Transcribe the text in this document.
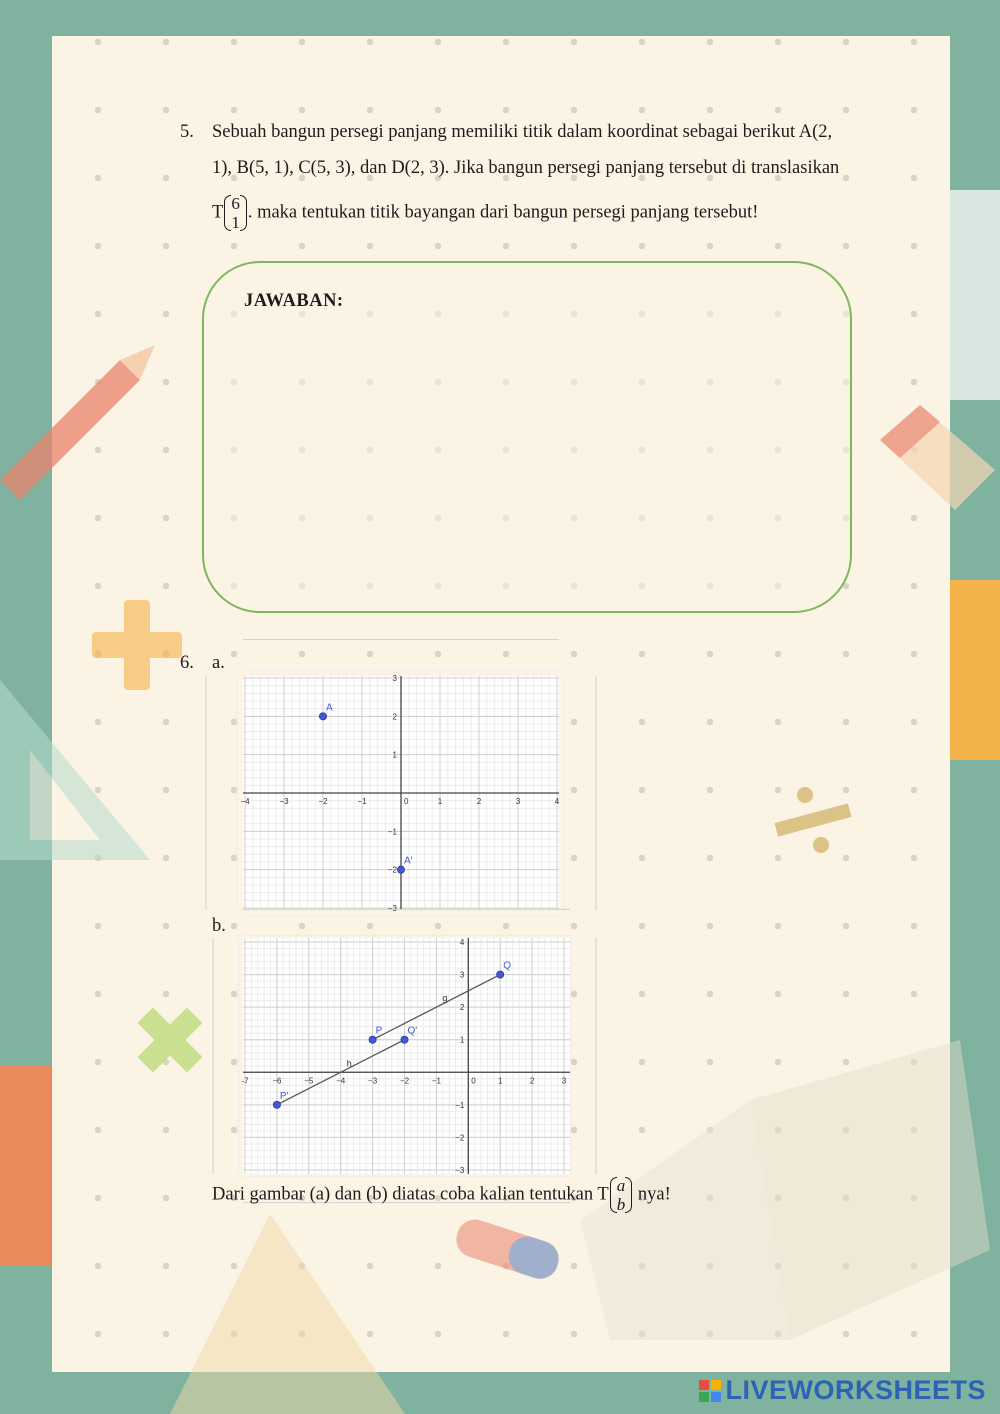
5. Sebuah bangun persegi panjang memiliki titik dalam koordinat sebagai berikut A(2,
1), B(5, 1), C(5, 3), dan D(2, 3). Jika bangun persegi panjang tersebut di translasikan
T 6
1
. maka tentukan titik bayangan dari bangun persegi panjang tersebut!
JAWABAN:
6. a.
−4	−3	−2	−1	1	2	3	4
−3
−2
−1
1
2
3
0
A
A'
b.
-7	−6	−5	−4	−3	−2	−1	1	2	3
−3
−2
−1
1
2
3
4
0
g
h
Q
P	Q'
P'
Dari gambar (a) dan (b) diatas coba kalian tentukan T a
b
nya!
LIVEWORKSHEETS
